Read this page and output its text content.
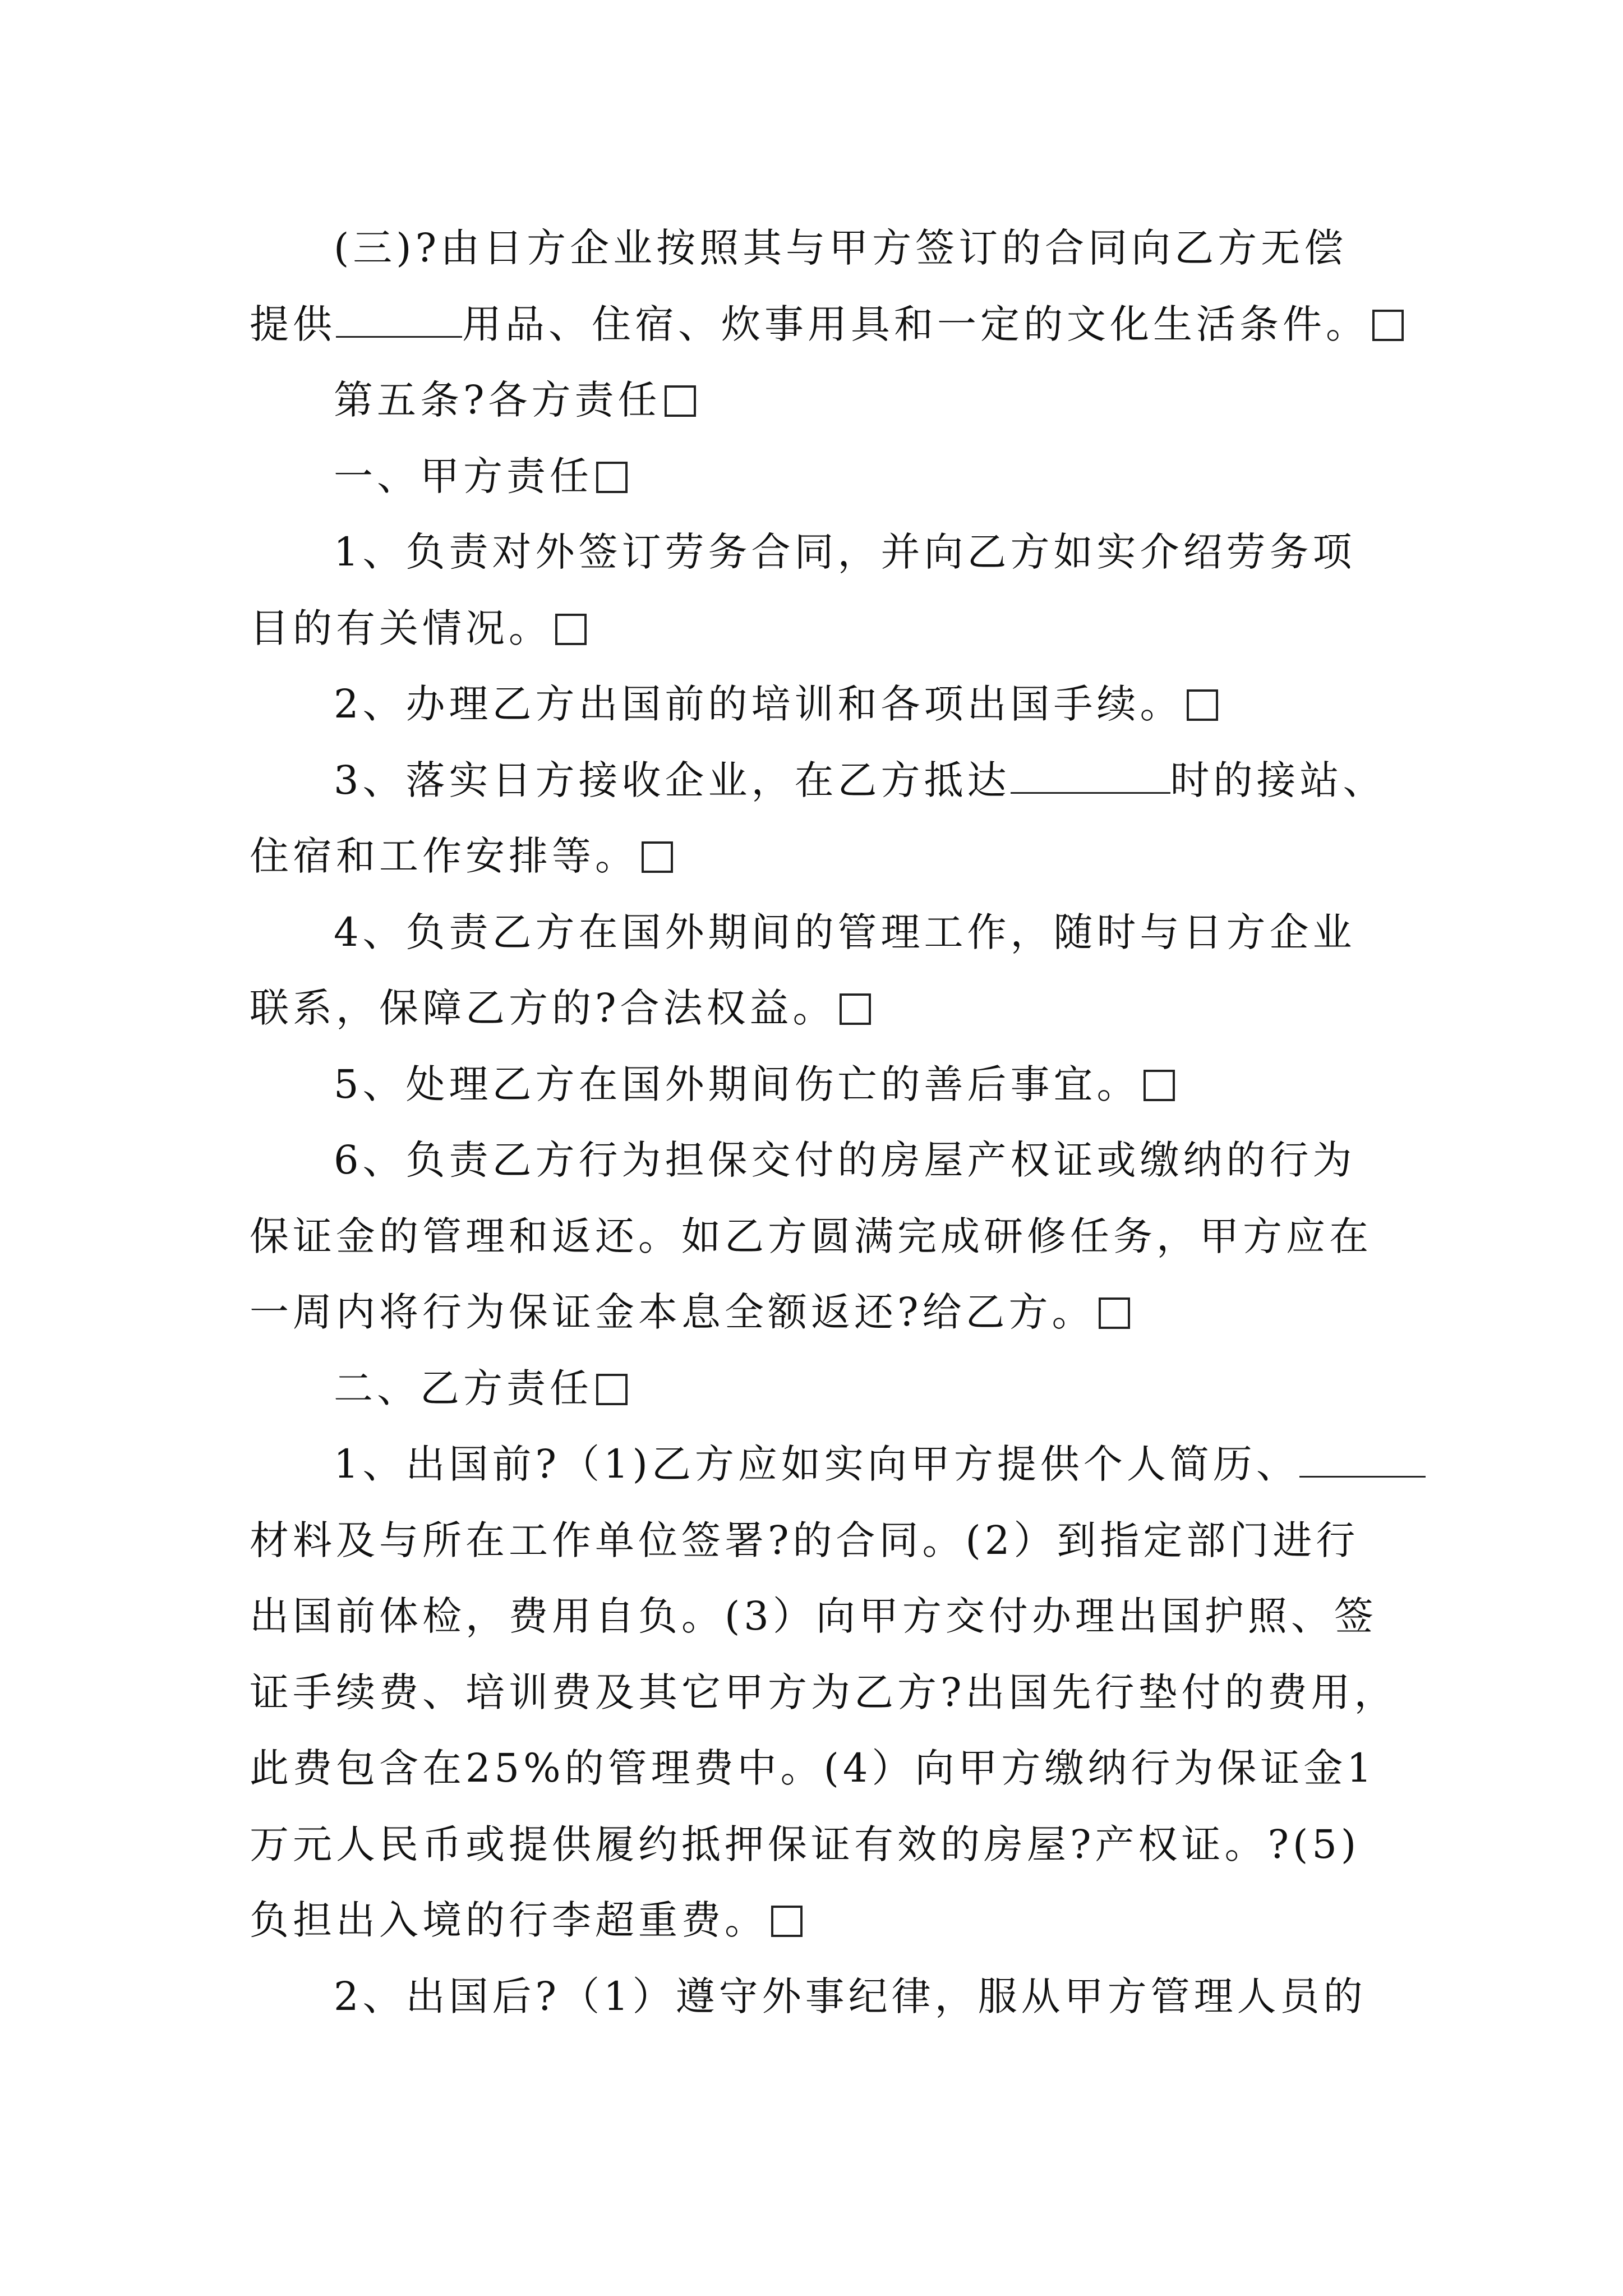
(三)?由日方企业按照其与甲方签订的合同向乙方无偿
提供	用品、住宿、炊事用具和一定的文化生活条件。
第五条?各方责任
一、甲方责任
1、负责对外签订劳务合同，并向乙方如实介绍劳务项
目的有关情况。
2、办理乙方出国前的培训和各项出国手续。
3、落实日方接收企业，在乙方抵达	时的接站、
住宿和工作安排等。
4、负责乙方在国外期间的管理工作，随时与日方企业
联系，保障乙方的?合法权益。
5、处理乙方在国外期间伤亡的善后事宜。
6、负责乙方行为担保交付的房屋产权证或缴纳的行为
保证金的管理和返还。如乙方圆满完成研修任务，甲方应在
一周内将行为保证金本息全额返还?给乙方。
二、乙方责任
1、出国前?（1)乙方应如实向甲方提供个人简历、
材料及与所在工作单位签署?的合同。(2）到指定部门进行
出国前体检，费用自负。(3）向甲方交付办理出国护照、签
证手续费、培训费及其它甲方为乙方?出国先行垫付的费用，
此费包含在25%的管理费中。(4）向甲方缴纳行为保证金1
万元人民币或提供履约抵押保证有效的房屋?产权证。?(5)
负担出入境的行李超重费。
2、出国后?（1）遵守外事纪律，服从甲方管理人员的
